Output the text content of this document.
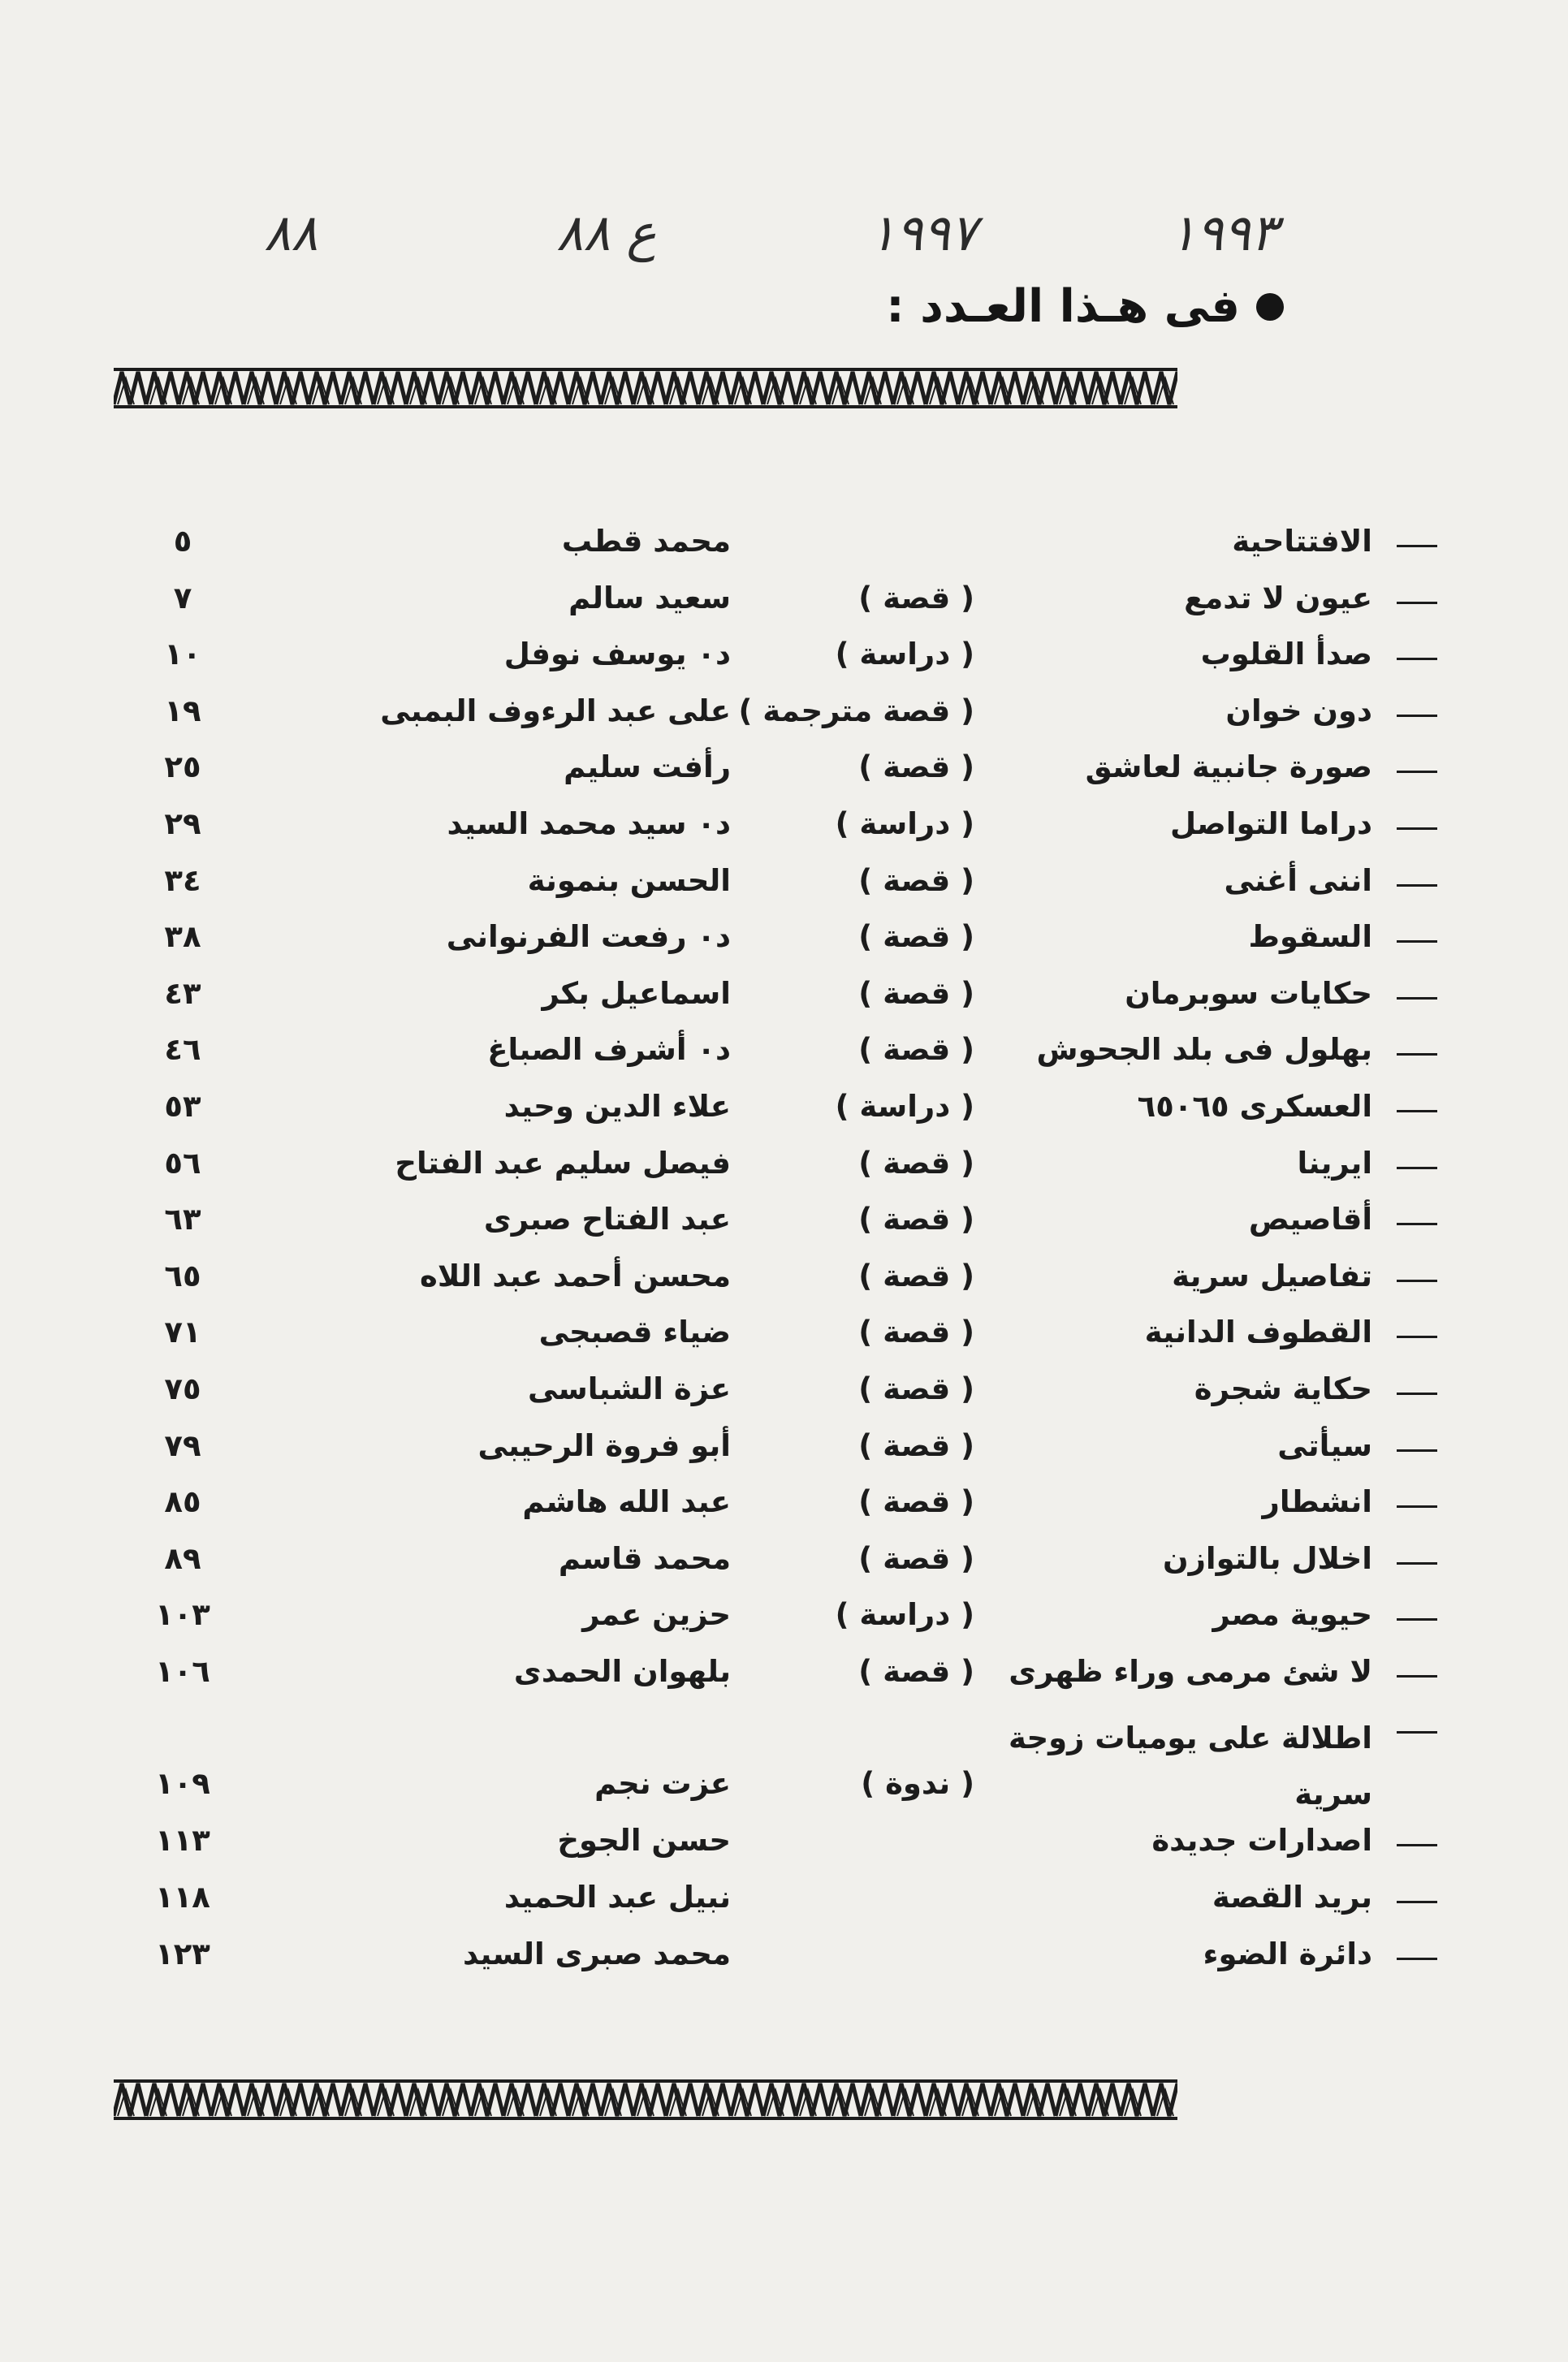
١٩٩٣
١٩٩٧
ع ٨٨
٨٨
فى هـذا العـدد :
الافتتاحية
محمد قطب
٥
عيون لا تدمع
( قصة )
سعيد سالم
٧
صدأ القلوب
( دراسة )
د٠ يوسف نوفل
١٠
دون خوان
( قصة مترجمة )
على عبد الرءوف البمبى
١٩
صورة جانبية لعاشق
( قصة )
رأفت سليم
٢٥
دراما التواصل
( دراسة )
د٠ سيد محمد السيد
٢٩
اننى أغنى
( قصة )
الحسن بنمونة
٣٤
السقوط
( قصة )
د٠ رفعت الفرنوانى
٣٨
حكايات سوبرمان
( قصة )
اسماعيل بكر
٤٣
بهلول فى بلد الجحوش
( قصة )
د٠ أشرف الصباغ
٤٦
العسكرى ٦٥٠٦٥
( دراسة )
علاء الدين وحيد
٥٣
ايرينا
( قصة )
فيصل سليم عبد الفتاح
٥٦
أقاصيص
( قصة )
عبد الفتاح صبرى
٦٣
تفاصيل سرية
( قصة )
محسن أحمد عبد اللاه
٦٥
القطوف الدانية
( قصة )
ضياء قصبجى
٧١
حكاية شجرة
( قصة )
عزة الشباسى
٧٥
سيأتى
( قصة )
أبو فروة الرحيبى
٧٩
انشطار
( قصة )
عبد الله هاشم
٨٥
اخلال بالتوازن
( قصة )
محمد قاسم
٨٩
حيوية مصر
( دراسة )
حزين عمر
١٠٣
لا شئ مرمى وراء ظهرى
( قصة )
بلهوان الحمدى
١٠٦
اطلالة على يوميات زوجة
سرية
( ندوة )
عزت نجم
١٠٩
اصدارات جديدة
حسن الجوخ
١١٣
بريد القصة
نبيل عبد الحميد
١١٨
دائرة الضوء
محمد صبرى السيد
١٢٣
